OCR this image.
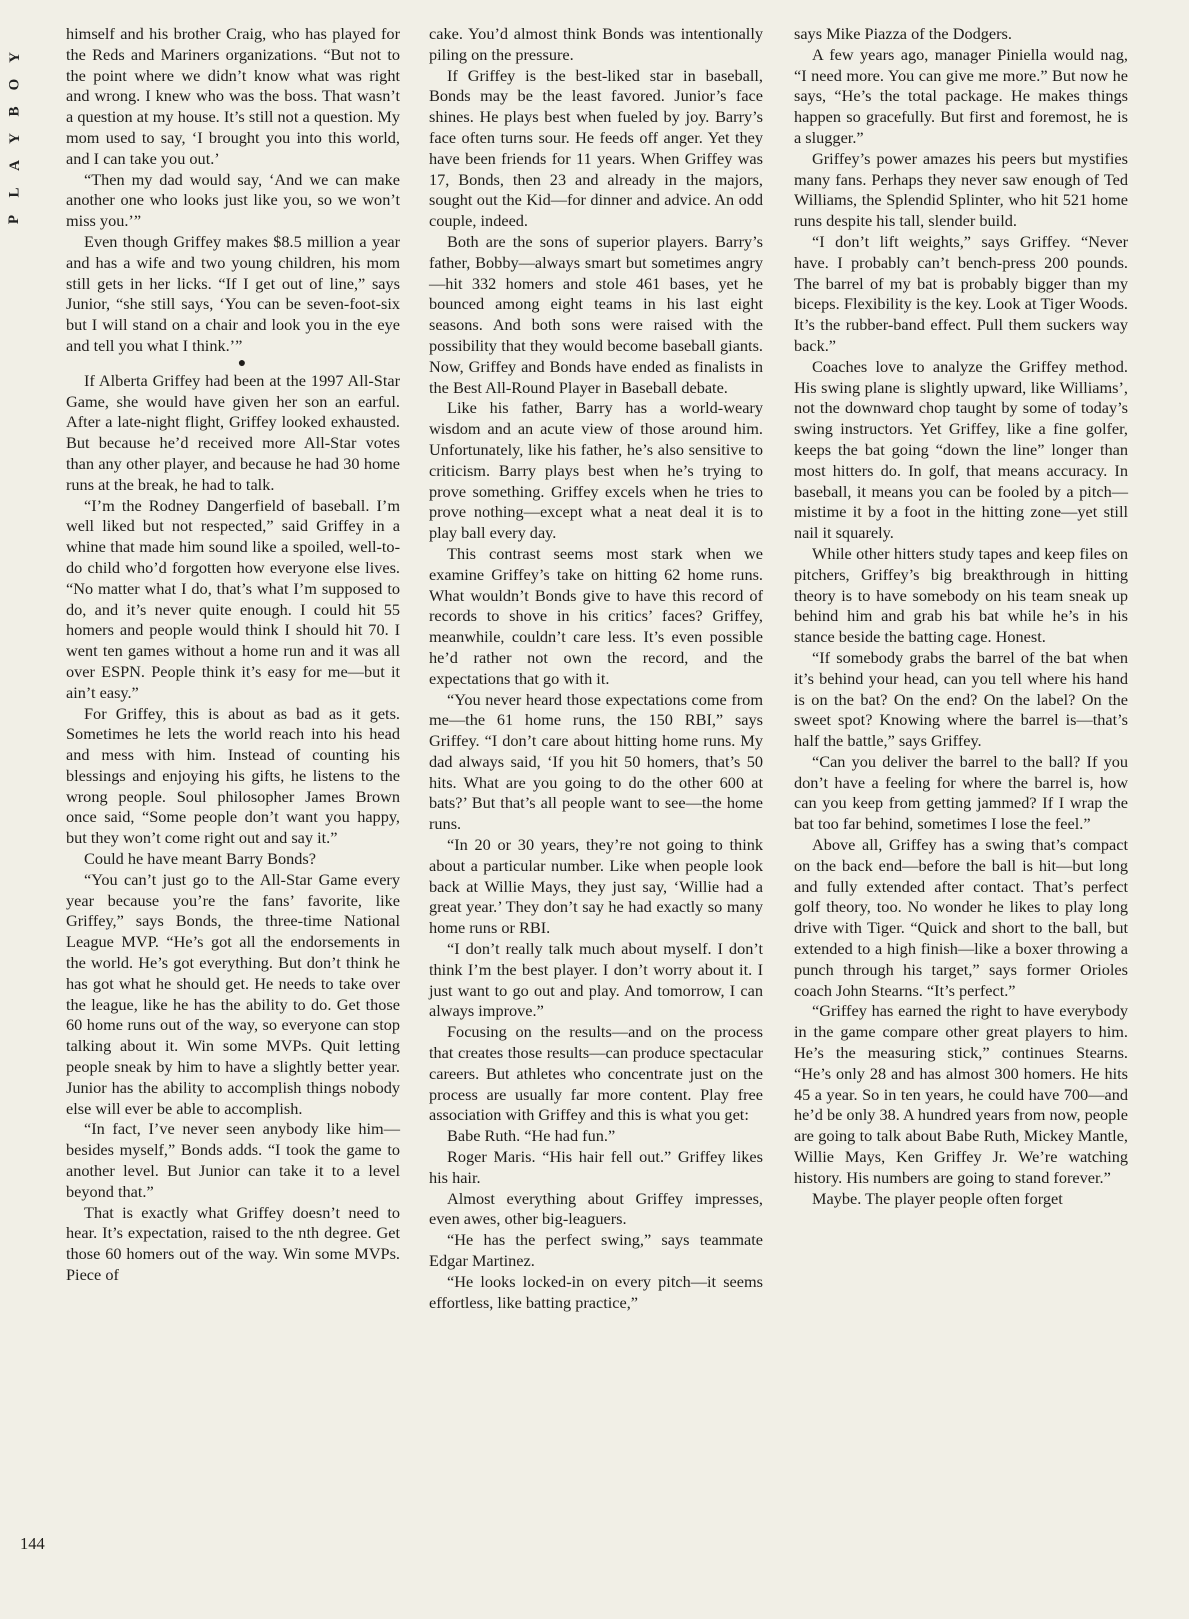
Y
O
B
Y
A
L
P

himself and his brother Craig, who has played for the Reds and Mariners organizations. “But not to the point where we didn’t know what was right and wrong. I knew who was the boss. That wasn’t a question at my house. It’s still not a question. My mom used to say, ‘I brought you into this world, and I can take you out.’

“Then my dad would say, ‘And we can make another one who looks just like you, so we won’t miss you.’”

Even though Griffey makes $8.5 million a year and has a wife and two young children, his mom still gets in her licks. “If I get out of line,” says Junior, “she still says, ‘You can be seven-foot-six but I will stand on a chair and look you in the eye and tell you what I think.’”

●

If Alberta Griffey had been at the 1997 All-Star Game, she would have given her son an earful. After a late-night flight, Griffey looked exhausted. But because he’d received more All-Star votes than any other player, and because he had 30 home runs at the break, he had to talk.

“I’m the Rodney Dangerfield of baseball. I’m well liked but not respected,” said Griffey in a whine that made him sound like a spoiled, well-to-do child who’d forgotten how everyone else lives. “No matter what I do, that’s what I’m supposed to do, and it’s never quite enough. I could hit 55 homers and people would think I should hit 70. I went ten games without a home run and it was all over ESPN. People think it’s easy for me—but it ain’t easy.”

For Griffey, this is about as bad as it gets. Sometimes he lets the world reach into his head and mess with him. Instead of counting his blessings and enjoying his gifts, he listens to the wrong people. Soul philosopher James Brown once said, “Some people don’t want you happy, but they won’t come right out and say it.”

Could he have meant Barry Bonds?

“You can’t just go to the All-Star Game every year because you’re the fans’ favorite, like Griffey,” says Bonds, the three-time National League MVP. “He’s got all the endorsements in the world. He’s got everything. But don’t think he has got what he should get. He needs to take over the league, like he has the ability to do. Get those 60 home runs out of the way, so everyone can stop talking about it. Win some MVPs. Quit letting people sneak by him to have a slightly better year. Junior has the ability to accomplish things nobody else will ever be able to accomplish.

“In fact, I’ve never seen anybody like him—besides myself,” Bonds adds. “I took the game to another level. But Junior can take it to a level beyond that.”

That is exactly what Griffey doesn’t need to hear. It’s expectation, raised to the nth degree. Get those 60 homers out of the way. Win some MVPs. Piece of

cake. You’d almost think Bonds was intentionally piling on the pressure.

If Griffey is the best-liked star in baseball, Bonds may be the least favored. Junior’s face shines. He plays best when fueled by joy. Barry’s face often turns sour. He feeds off anger. Yet they have been friends for 11 years. When Griffey was 17, Bonds, then 23 and already in the majors, sought out the Kid—for dinner and advice. An odd couple, indeed.

Both are the sons of superior players. Barry’s father, Bobby—always smart but sometimes angry—hit 332 homers and stole 461 bases, yet he bounced among eight teams in his last eight seasons. And both sons were raised with the possibility that they would become baseball giants. Now, Griffey and Bonds have ended as finalists in the Best All-Round Player in Baseball debate.

Like his father, Barry has a world-weary wisdom and an acute view of those around him. Unfortunately, like his father, he’s also sensitive to criticism. Barry plays best when he’s trying to prove something. Griffey excels when he tries to prove nothing—except what a neat deal it is to play ball every day.

This contrast seems most stark when we examine Griffey’s take on hitting 62 home runs. What wouldn’t Bonds give to have this record of records to shove in his critics’ faces? Griffey, meanwhile, couldn’t care less. It’s even possible he’d rather not own the record, and the expectations that go with it.

“You never heard those expectations come from me—the 61 home runs, the 150 RBI,” says Griffey. “I don’t care about hitting home runs. My dad always said, ‘If you hit 50 homers, that’s 50 hits. What are you going to do the other 600 at bats?’ But that’s all people want to see—the home runs.

“In 20 or 30 years, they’re not going to think about a particular number. Like when people look back at Willie Mays, they just say, ‘Willie had a great year.’ They don’t say he had exactly so many home runs or RBI.

“I don’t really talk much about myself. I don’t think I’m the best player. I don’t worry about it. I just want to go out and play. And tomorrow, I can always improve.”

Focusing on the results—and on the process that creates those results—can produce spectacular careers. But athletes who concentrate just on the process are usually far more content. Play free association with Griffey and this is what you get:

Babe Ruth. “He had fun.”

Roger Maris. “His hair fell out.” Griffey likes his hair.

Almost everything about Griffey impresses, even awes, other big-leaguers.

“He has the perfect swing,” says teammate Edgar Martinez.

“He looks locked-in on every pitch—it seems effortless, like batting practice,”

says Mike Piazza of the Dodgers.

A few years ago, manager Piniella would nag, “I need more. You can give me more.” But now he says, “He’s the total package. He makes things happen so gracefully. But first and foremost, he is a slugger.”

Griffey’s power amazes his peers but mystifies many fans. Perhaps they never saw enough of Ted Williams, the Splendid Splinter, who hit 521 home runs despite his tall, slender build.

“I don’t lift weights,” says Griffey. “Never have. I probably can’t bench-press 200 pounds. The barrel of my bat is probably bigger than my biceps. Flexibility is the key. Look at Tiger Woods. It’s the rubber-band effect. Pull them suckers way back.”

Coaches love to analyze the Griffey method. His swing plane is slightly upward, like Williams’, not the downward chop taught by some of today’s swing instructors. Yet Griffey, like a fine golfer, keeps the bat going “down the line” longer than most hitters do. In golf, that means accuracy. In baseball, it means you can be fooled by a pitch—mistime it by a foot in the hitting zone—yet still nail it squarely.

While other hitters study tapes and keep files on pitchers, Griffey’s big breakthrough in hitting theory is to have somebody on his team sneak up behind him and grab his bat while he’s in his stance beside the batting cage. Honest.

“If somebody grabs the barrel of the bat when it’s behind your head, can you tell where his hand is on the bat? On the end? On the label? On the sweet spot? Knowing where the barrel is—that’s half the battle,” says Griffey.

“Can you deliver the barrel to the ball? If you don’t have a feeling for where the barrel is, how can you keep from getting jammed? If I wrap the bat too far behind, sometimes I lose the feel.”

Above all, Griffey has a swing that’s compact on the back end—before the ball is hit—but long and fully extended after contact. That’s perfect golf theory, too. No wonder he likes to play long drive with Tiger. “Quick and short to the ball, but extended to a high finish—like a boxer throwing a punch through his target,” says former Orioles coach John Stearns. “It’s perfect.”

“Griffey has earned the right to have everybody in the game compare other great players to him. He’s the measuring stick,” continues Stearns. “He’s only 28 and has almost 300 homers. He hits 45 a year. So in ten years, he could have 700—and he’d be only 38. A hundred years from now, people are going to talk about Babe Ruth, Mickey Mantle, Willie Mays, Ken Griffey Jr. We’re watching history. His numbers are going to stand forever.”

Maybe. The player people often forget

144
